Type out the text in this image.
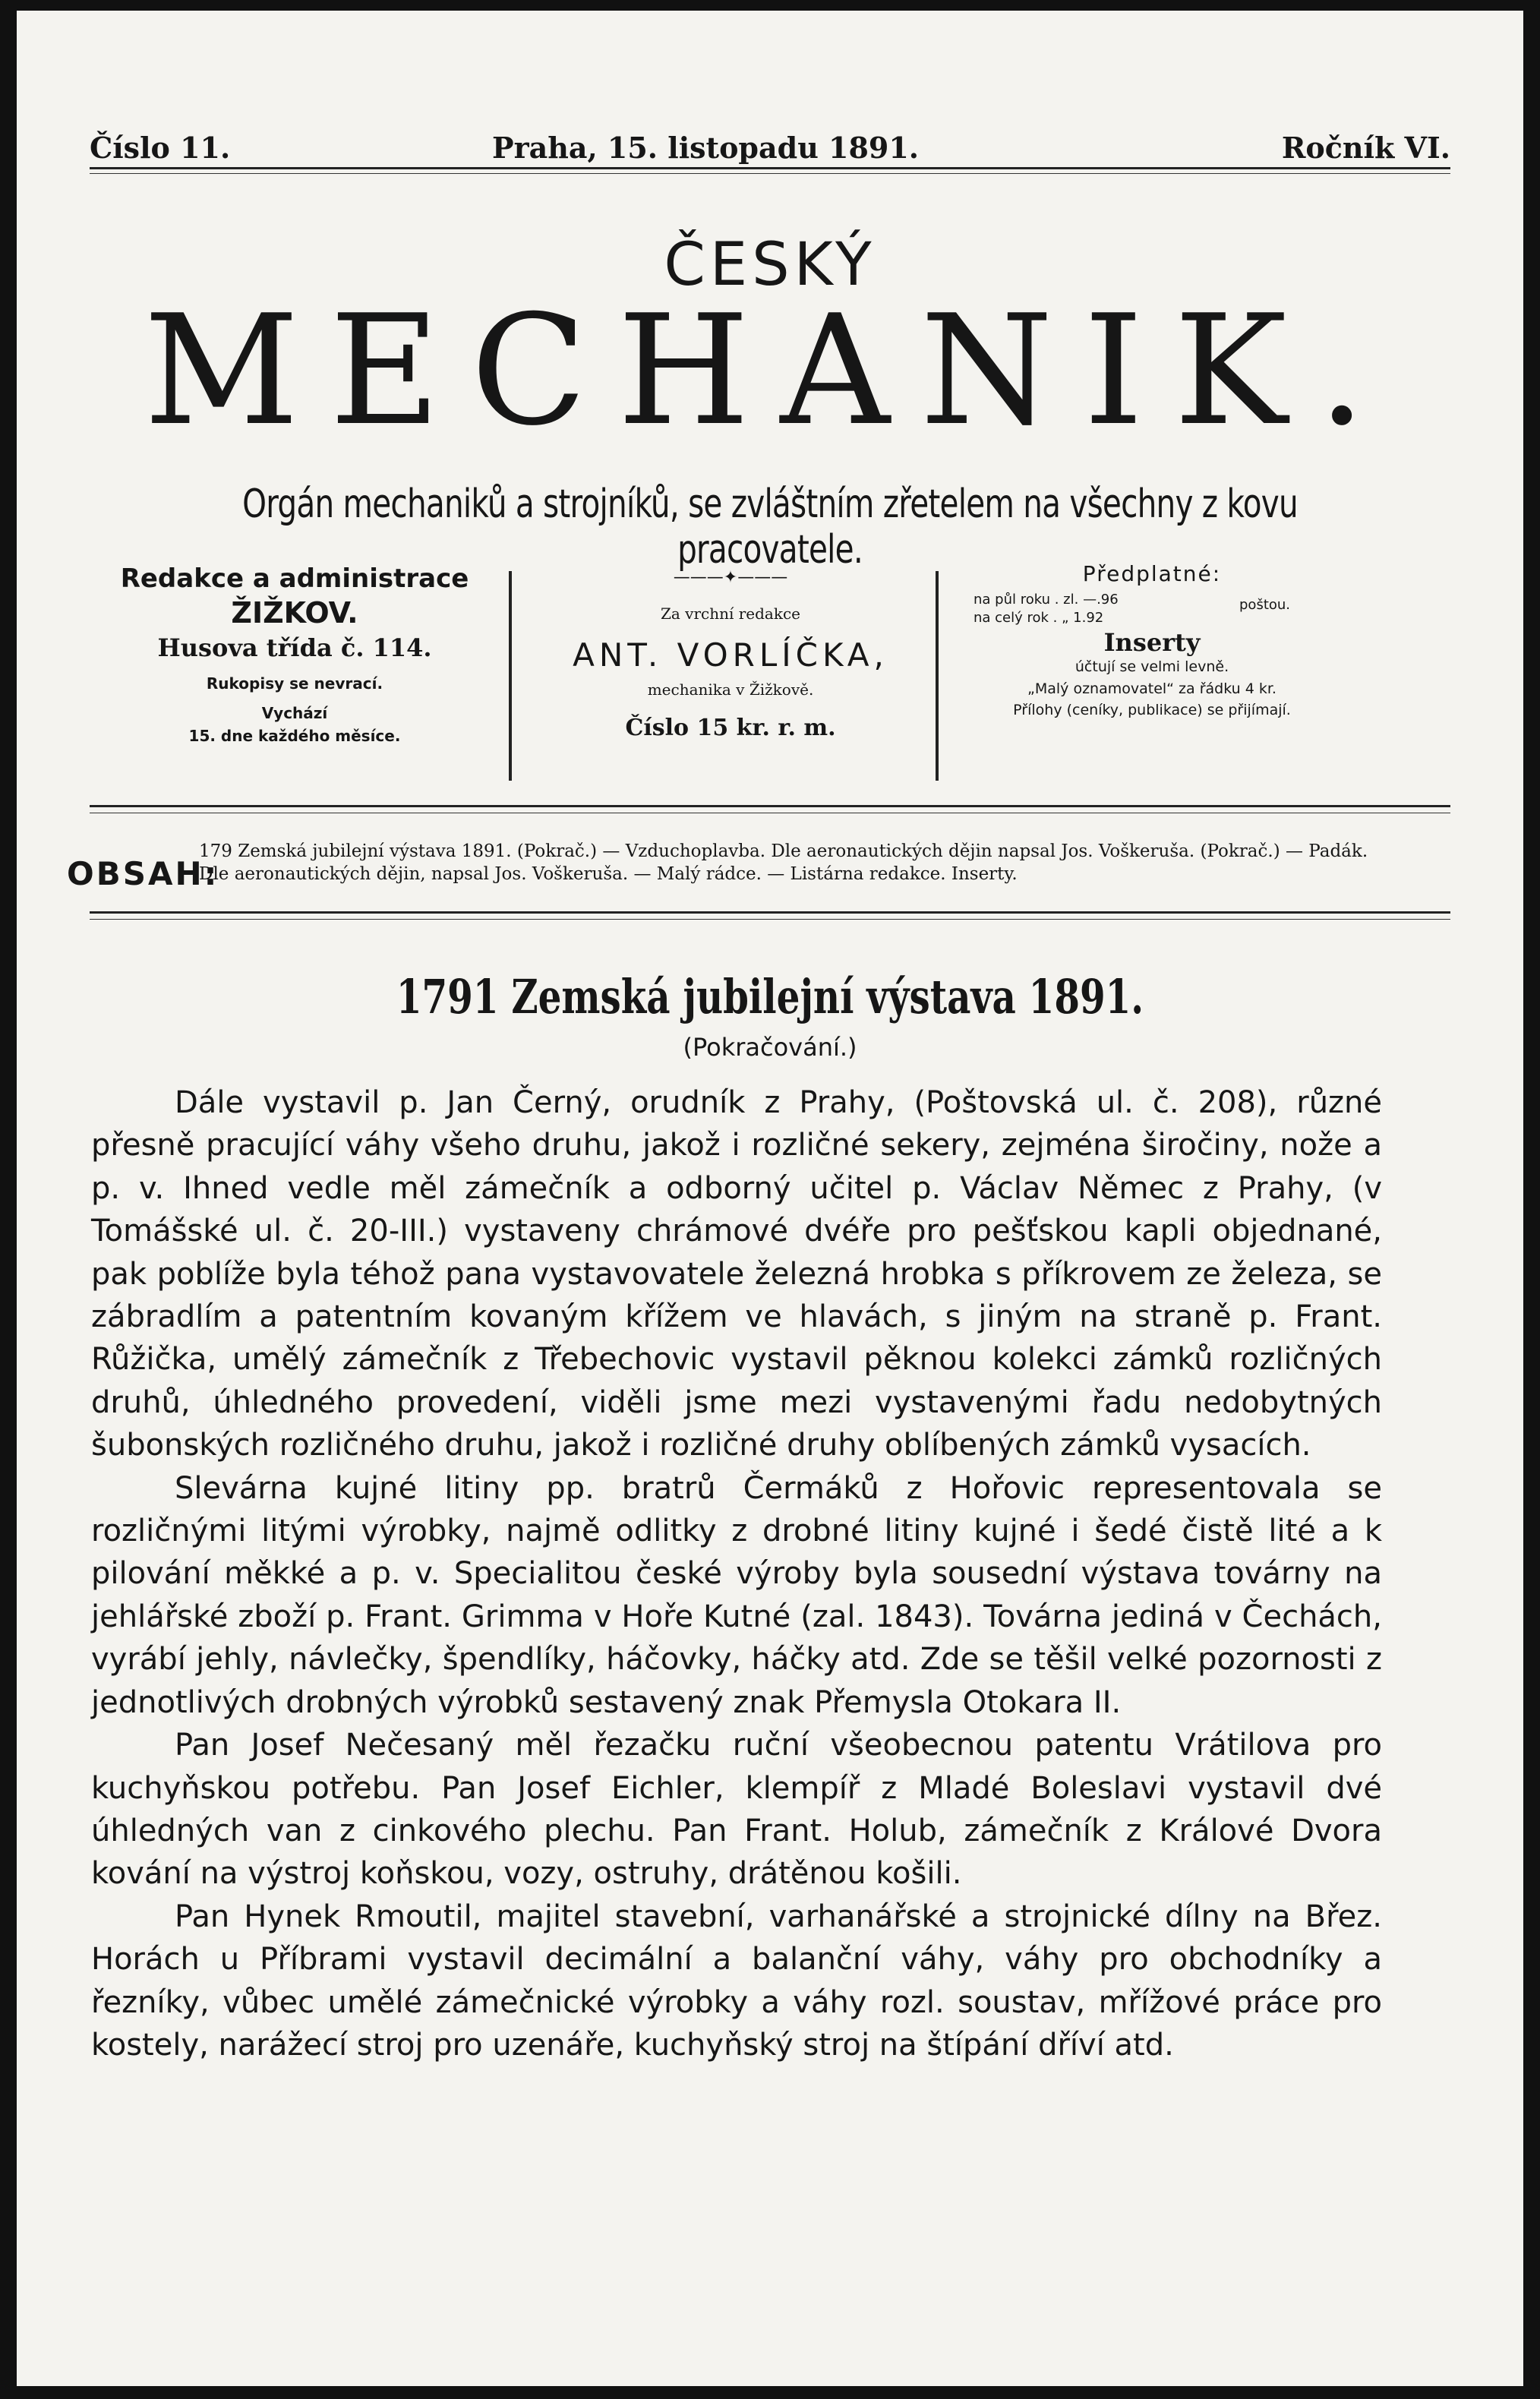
Číslo 11.	Praha, 15. listopadu 1891.	Ročník VI.
ČESKÝ
MECHANIK.
Orgán mechaniků a strojníků, se zvláštním zřetelem na všechny z kovu pracovatele.
Redakce a administrace
ŽIŽKOV.
Husova třída č. 114.
Rukopisy se nevrací.
Vychází
15. dne každého měsíce.
———✦———
Za vrchní redakce
ANT. VORLÍČKA,
mechanika v Žižkově.
Číslo 15 kr. r. m.
Předplatné:
na půl roku . zl. —.96
na celý rok . „ 1.92
poštou.
Inserty
účtují se velmi levně.
„Malý oznamovatel“ za řádku 4 kr.
Přílohy (ceníky, publikace) se přijímají.
OBSAH:
179 Zemská jubilejní výstava 1891. (Pokrač.) — Vzduchoplavba. Dle aeronautických dějin napsal Jos. Voškeruša. (Pokrač.) — Padák. Dle aeronautických dějin, napsal Jos. Voškeruša. — Malý rádce. — Listárna redakce. Inserty.
1791 Zemská jubilejní výstava 1891.
(Pokračování.)

Dále vystavil p. Jan Černý, orudník z Prahy, (Poštovská ul. č. 208), různé přesně pracující váhy všeho druhu, jakož i rozličné sekery, zejména širočiny, nože a p. v. Ihned vedle měl zámečník a odborný učitel p. Václav Němec z Prahy, (v Tomášské ul. č. 20-III.) vystaveny chrámové dvéře pro pešťskou kapli objednané, pak poblíže byla téhož pana vystavovatele železná hrobka s příkrovem ze železa, se zábradlím a patentním kovaným křížem ve hlavách, s jiným na straně p. Frant. Růžička, umělý zámečník z Třebechovic vystavil pěknou kolekci zámků rozličných druhů, úhledného provedení, viděli jsme mezi vystavenými řadu nedobytných šubonských rozličného druhu, jakož i rozličné druhy oblíbených zámků vysacích.

Slevárna kujné litiny pp. bratrů Čermáků z Hořovic representovala se rozličnými litými výrobky, najmě odlitky z drobné litiny kujné i šedé čistě lité a k pilování měkké a p. v. Specialitou české výroby byla sousední výstava továrny na jehlářské zboží p. Frant. Grimma v Hoře Kutné (zal. 1843). Továrna jediná v Čechách, vyrábí jehly, návlečky, špendlíky, háčovky, háčky atd. Zde se těšil velké pozornosti z jednotlivých drobných výrobků sestavený znak Přemysla Otokara II.

Pan Josef Nečesaný měl řezačku ruční všeobecnou patentu Vrátilova pro kuchyňskou potřebu. Pan Josef Eichler, klempíř z Mladé Boleslavi vystavil dvé úhledných van z cinkového plechu. Pan Frant. Holub, zámečník z Králové Dvora kování na výstroj koňskou, vozy, ostruhy, drátěnou košili.

Pan Hynek Rmoutil, majitel stavební, varhanářské a strojnické dílny na Břez. Horách u Příbrami vystavil decimální a balanční váhy, váhy pro obchodníky a řezníky, vůbec umělé zámečnické výrobky a váhy rozl. soustav, mřížové práce pro kostely, narážecí stroj pro uzenáře, kuchyňský stroj na štípání dříví atd.
